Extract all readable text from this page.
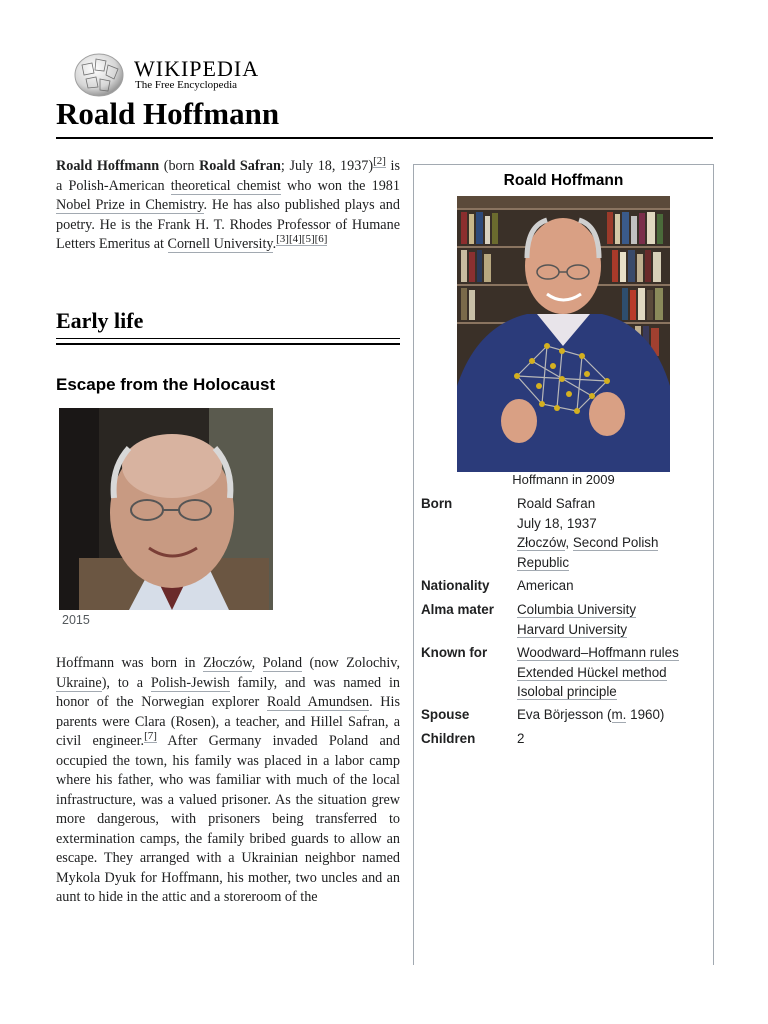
WIKIPEDIA
The Free Encyclopedia
Roald Hoffmann
Roald Hoffmann (born Roald Safran; July 18, 1937)[2] is a Polish-American theoretical chemist who won the 1981 Nobel Prize in Chemistry. He has also published plays and poetry. He is the Frank H. T. Rhodes Professor of Humane Letters Emeritus at Cornell University.[3][4][5][6]
Early life
Escape from the Holocaust
2015
Hoffmann was born in Złoczów, Poland (now Zolochiv, Ukraine), to a Polish-Jewish family, and was named in honor of the Norwegian explorer Roald Amundsen. His parents were Clara (Rosen), a teacher, and Hillel Safran, a civil engineer.[7] After Germany invaded Poland and occupied the town, his family was placed in a labor camp where his father, who was familiar with much of the local infrastructure, was a valued prisoner. As the situation grew more dangerous, with prisoners being transferred to extermination camps, the family bribed guards to allow an escape. They arranged with a Ukrainian neighbor named Mykola Dyuk for Hoffmann, his mother, two uncles and an aunt to hide in the attic and a storeroom of the
Roald Hoffmann
Hoffmann in 2009
Born	Roald Safran
July 18, 1937
Złoczów, Second Polish
Republic
Nationality	American
Alma mater	Columbia University
Harvard University
Known for	Woodward–Hoffmann rules
Extended Hückel method
Isolobal principle
Spouse	Eva Börjesson (m. 1960)
Children	2
